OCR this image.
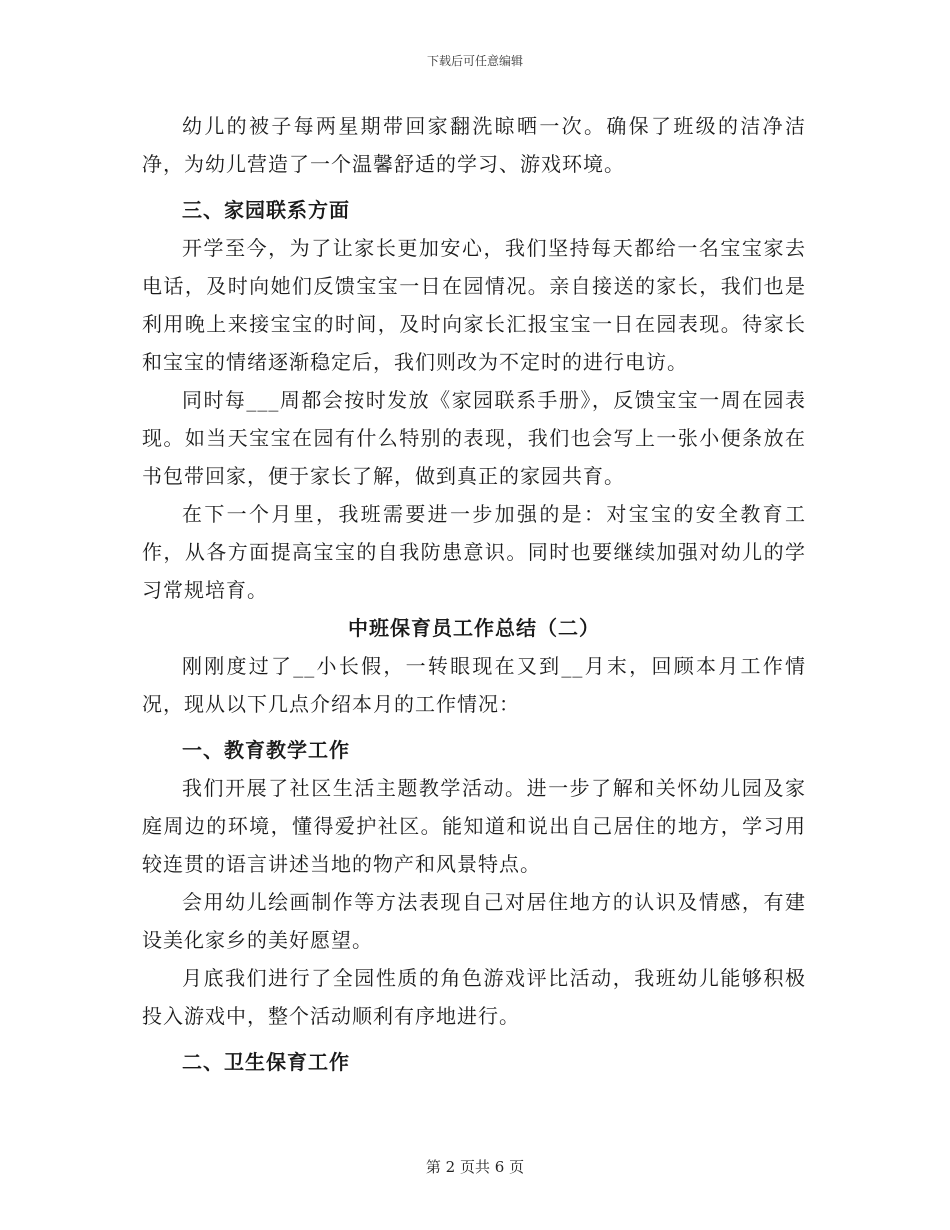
下载后可任意编辑

幼儿的被子每两星期带回家翻洗晾晒一次。确保了班级的洁净洁净，为幼儿营造了一个温馨舒适的学习、游戏环境。

三、家园联系方面

开学至今，为了让家长更加安心，我们坚持每天都给一名宝宝家去电话，及时向她们反馈宝宝一日在园情况。亲自接送的家长，我们也是利用晚上来接宝宝的时间，及时向家长汇报宝宝一日在园表现。待家长和宝宝的情绪逐渐稳定后，我们则改为不定时的进行电访。

同时每___周都会按时发放《家园联系手册》，反馈宝宝一周在园表现。如当天宝宝在园有什么特别的表现，我们也会写上一张小便条放在书包带回家，便于家长了解，做到真正的家园共育。

在下一个月里，我班需要进一步加强的是：对宝宝的安全教育工作，从各方面提高宝宝的自我防患意识。同时也要继续加强对幼儿的学习常规培育。

中班保育员工作总结（二）

刚刚度过了__小长假，一转眼现在又到__月末，回顾本月工作情况，现从以下几点介绍本月的工作情况：

一、教育教学工作

我们开展了社区生活主题教学活动。进一步了解和关怀幼儿园及家庭周边的环境，懂得爱护社区。能知道和说出自己居住的地方，学习用较连贯的语言讲述当地的物产和风景特点。

会用幼儿绘画制作等方法表现自己对居住地方的认识及情感，有建设美化家乡的美好愿望。

月底我们进行了全园性质的角色游戏评比活动，我班幼儿能够积极投入游戏中，整个活动顺利有序地进行。

二、卫生保育工作

第 2 页共 6 页
